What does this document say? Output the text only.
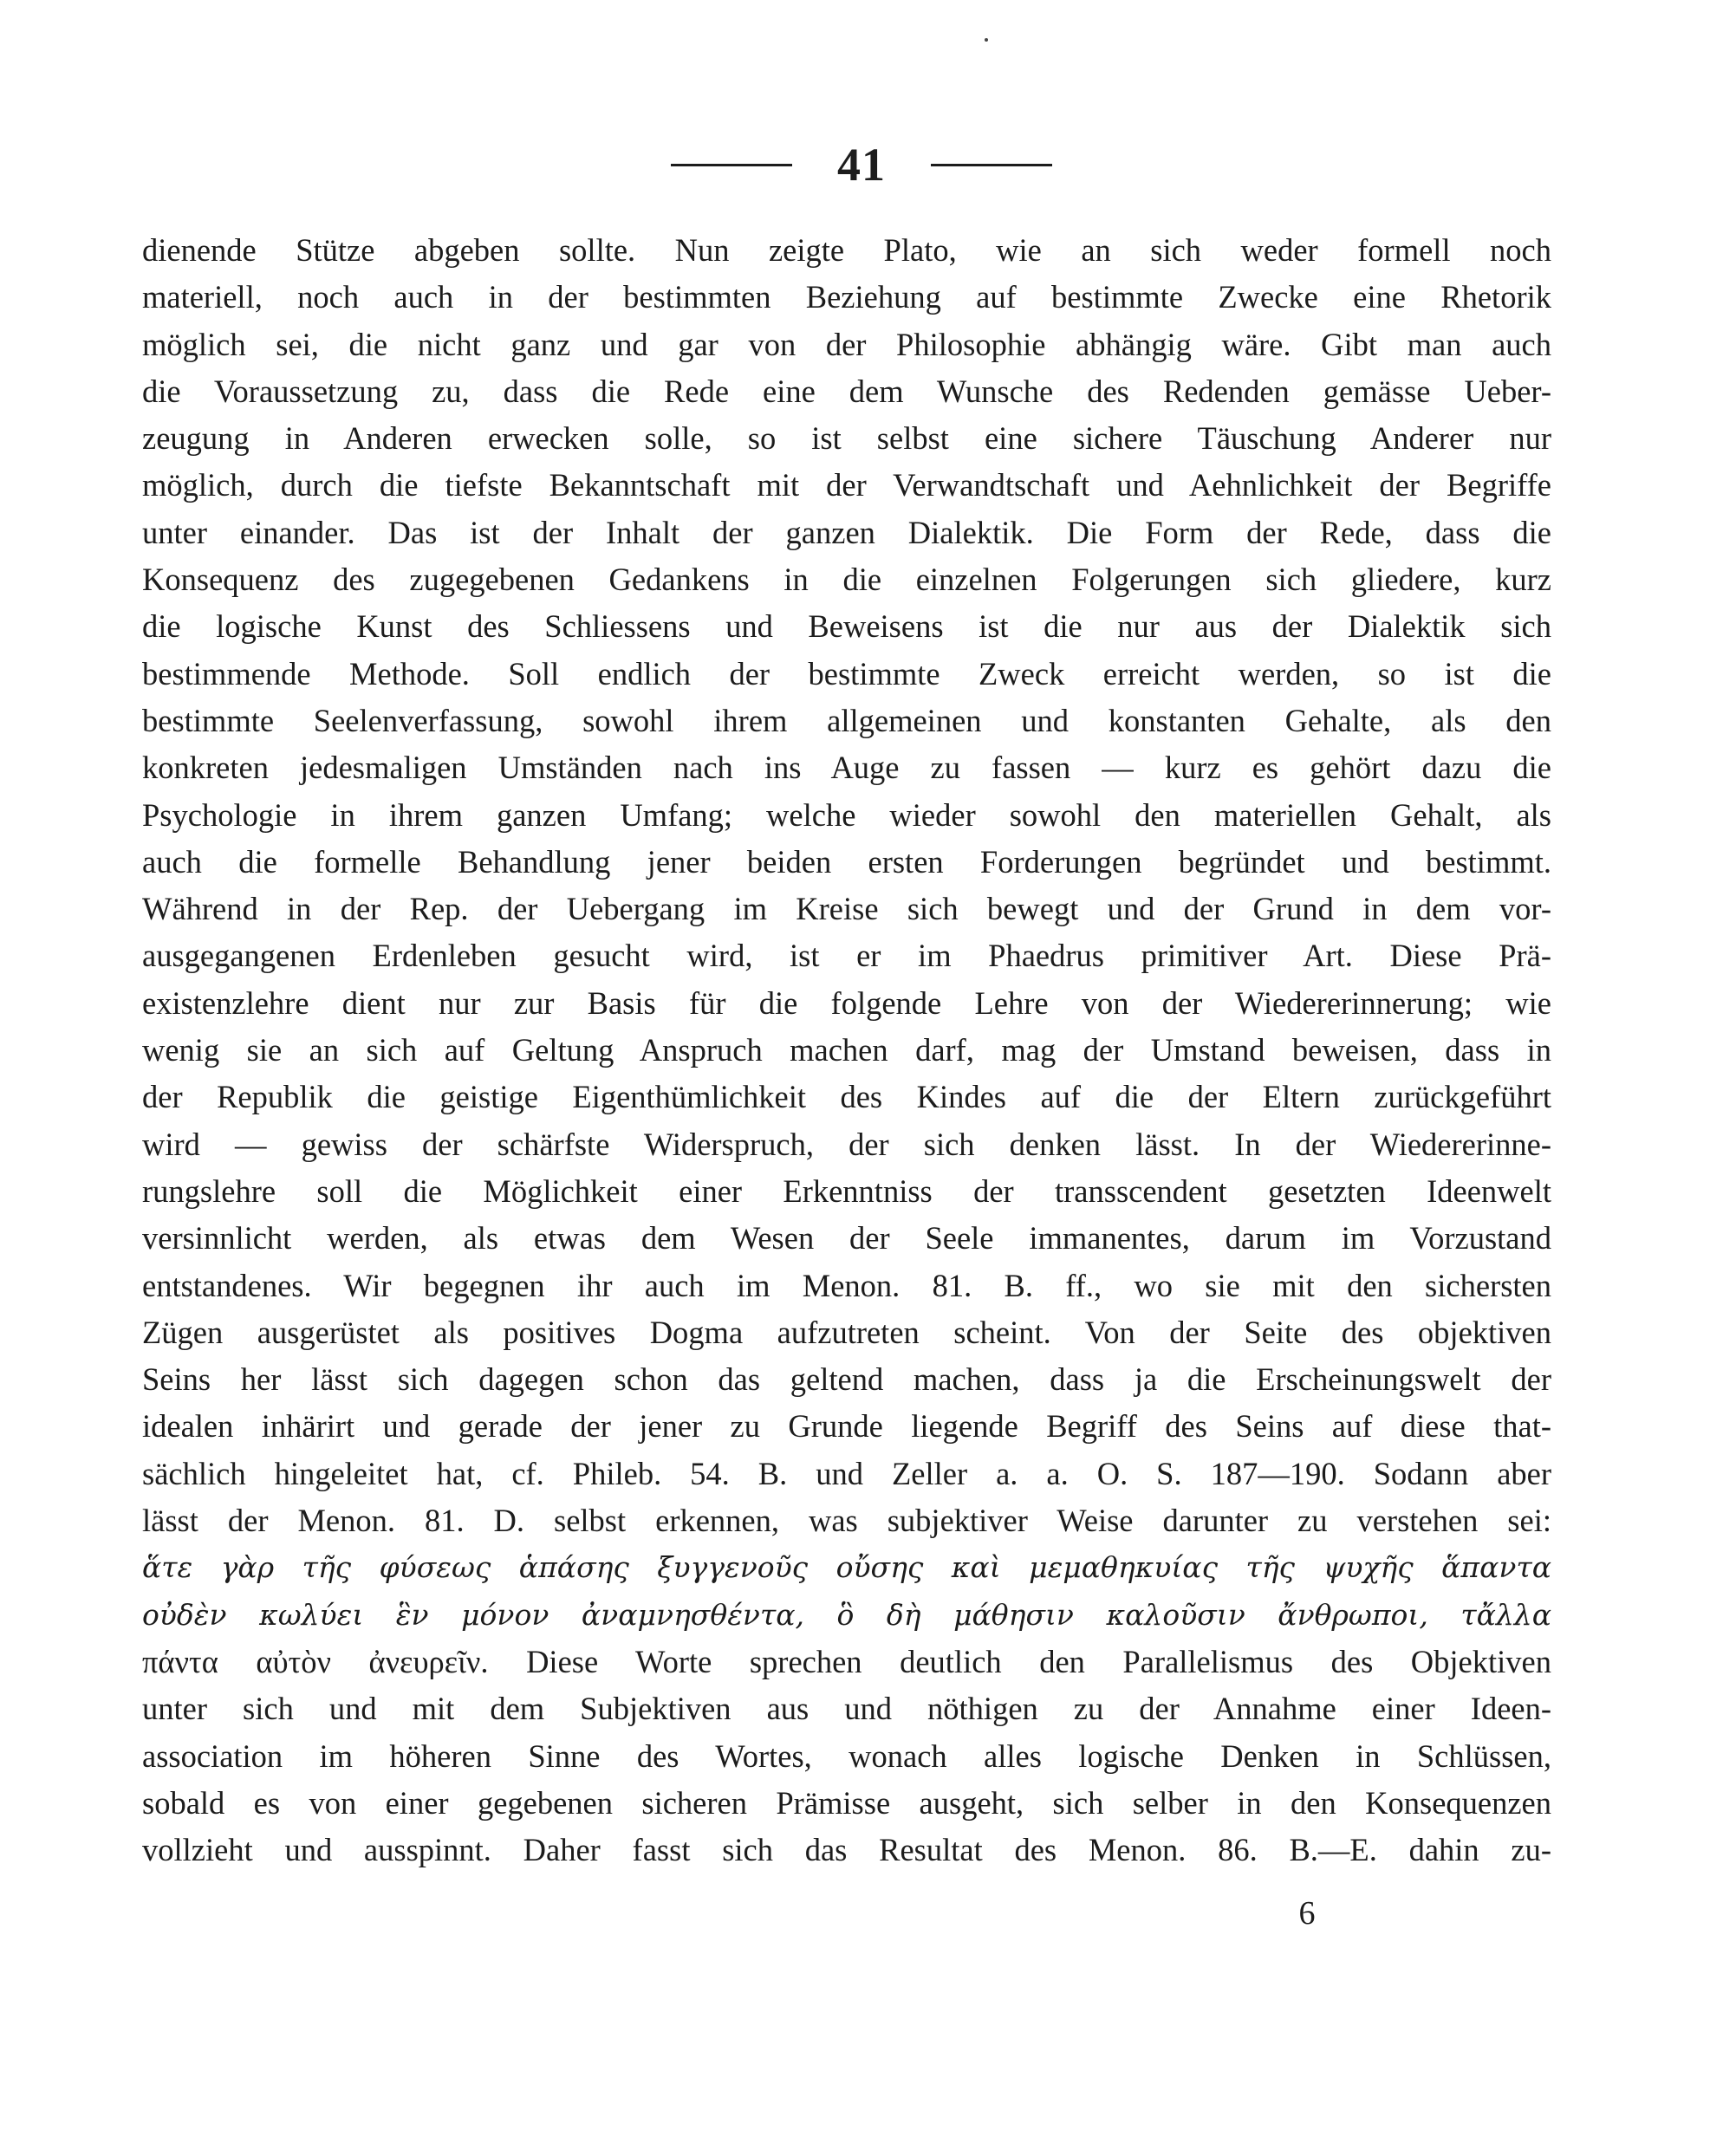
41
dienende Stütze abgeben sollte. Nun zeigte Plato, wie an sich weder formell noch
materiell, noch auch in der bestimmten Beziehung auf bestimmte Zwecke eine Rhetorik
möglich sei, die nicht ganz und gar von der Philosophie abhängig wäre. Gibt man auch
die Voraussetzung zu, dass die Rede eine dem Wunsche des Redenden gemässe Ueber-
zeugung in Anderen erwecken solle, so ist selbst eine sichere Täuschung Anderer nur
möglich, durch die tiefste Bekanntschaft mit der Verwandtschaft und Aehnlichkeit der Begriffe
unter einander. Das ist der Inhalt der ganzen Dialektik. Die Form der Rede, dass die
Konsequenz des zugegebenen Gedankens in die einzelnen Folgerungen sich gliedere, kurz
die logische Kunst des Schliessens und Beweisens ist die nur aus der Dialektik sich
bestimmende Methode. Soll endlich der bestimmte Zweck erreicht werden, so ist die
bestimmte Seelenverfassung, sowohl ihrem allgemeinen und konstanten Gehalte, als den
konkreten jedesmaligen Umständen nach ins Auge zu fassen — kurz es gehört dazu die
Psychologie in ihrem ganzen Umfang; welche wieder sowohl den materiellen Gehalt, als
auch die formelle Behandlung jener beiden ersten Forderungen begründet und bestimmt.
Während in der Rep. der Uebergang im Kreise sich bewegt und der Grund in dem vor-
ausgegangenen Erdenleben gesucht wird, ist er im Phaedrus primitiver Art. Diese Prä-
existenzlehre dient nur zur Basis für die folgende Lehre von der Wiedererinnerung; wie
wenig sie an sich auf Geltung Anspruch machen darf, mag der Umstand beweisen, dass in
der Republik die geistige Eigenthümlichkeit des Kindes auf die der Eltern zurückgeführt
wird — gewiss der schärfste Widerspruch, der sich denken lässt. In der Wiedererinne-
rungslehre soll die Möglichkeit einer Erkenntniss der transscendent gesetzten Ideenwelt
versinnlicht werden, als etwas dem Wesen der Seele immanentes, darum im Vorzustand
entstandenes. Wir begegnen ihr auch im Menon. 81. B. ff., wo sie mit den sichersten
Zügen ausgerüstet als positives Dogma aufzutreten scheint. Von der Seite des objektiven
Seins her lässt sich dagegen schon das geltend machen, dass ja die Erscheinungswelt der
idealen inhärirt und gerade der jener zu Grunde liegende Begriff des Seins auf diese that-
sächlich hingeleitet hat, cf. Phileb. 54. B. und Zeller a. a. O. S. 187—190. Sodann aber
lässt der Menon. 81. D. selbst erkennen, was subjektiver Weise darunter zu verstehen sei:
ἅτε γὰρ τῆς φύσεως ἁπάσης ξυγγενοῦς οὔσης καὶ μεμαθηκυίας τῆς ψυχῆς ἅπαντα
οὐδὲν κωλύει ἓν μόνον ἀναμνησθέντα, ὃ δὴ μάθησιν καλοῦσιν ἄνθρωποι, τἄλλα
πάντα αὐτὸν ἀνευρεῖν. Diese Worte sprechen deutlich den Parallelismus des Objektiven
unter sich und mit dem Subjektiven aus und nöthigen zu der Annahme einer Ideen-
association im höheren Sinne des Wortes, wonach alles logische Denken in Schlüssen,
sobald es von einer gegebenen sicheren Prämisse ausgeht, sich selber in den Konsequenzen
vollzieht und ausspinnt. Daher fasst sich das Resultat des Menon. 86. B.—E. dahin zu-
6
